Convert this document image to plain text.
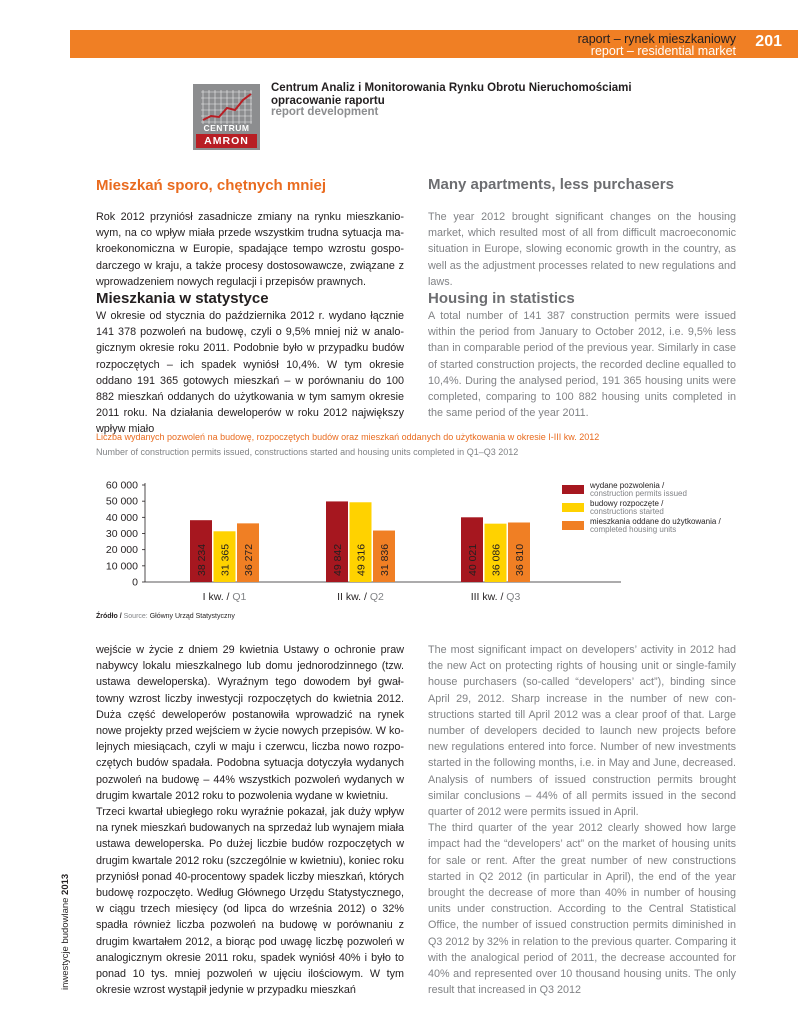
raport – rynek mieszkaniowy
report – residential market
201
CENTRUM
AMRON
Centrum Analiz i Monitorowania Rynku Obrotu Nieruchomościami
opracowanie raportu
report development
Mieszkań sporo, chętnych mniej	Many apartments, less purchasers

Rok 2012 przyniósł zasadnicze zmiany na rynku mieszkaniowym, na co wpływ miała przede wszystkim trudna sytuacja makroekonomiczna w Europie, spadające tempo wzrostu gospodarczego w kraju, a także procesy dostosowawcze, związane z wprowadzeniem nowych regulacji i przepisów prawnych.

The year 2012 brought significant changes on the housing market, which resulted most of all from difficult macroeconomic situation in Europe, slowing economic growth in the country, as well as the adjustment processes related to new regulations and laws.

Mieszkania w statystyce	Housing in statistics

W okresie od stycznia do października 2012 r. wydano łącznie 141 378 pozwoleń na budowę, czyli o 9,5% mniej niż w analogicznym okresie roku 2011. Podobnie było w przypadku budów rozpoczętych – ich spadek wyniósł 10,4%. W tym okresie oddano 191 365 gotowych mieszkań – w porównaniu do 100 882 mieszkań oddanych do użytkowania w tym samym okresie 2011 roku. Na działania deweloperów w roku 2012 największy wpływ miało

A total number of 141 387 construction permits were issued within the period from January to October 2012, i.e. 9,5% less than in comparable period of the previous year. Similarly in case of started construction projects, the recorded decline equalled to 10,4%. During the analysed period, 191 365 housing units were completed, comparing to 100 882 housing units completed in the same period of the year 2011.

Liczba wydanych pozwoleń na budowę, rozpoczętych budów oraz mieszkań oddanych do użytkowania w okresie I-III kw. 2012
Number of construction permits issued, constructions started and housing units completed in Q1–Q3 2012
60 000
50 000
40 000
30 000
20 000
10 000
0
38 234 31 365 36 272
I kw. / Q1
49 842 49 316 31 836
II kw. / Q2
40 021 36 086 36 810
III kw. / Q3
wydane pozwolenia /
construction permits issued
budowy rozpoczęte /
constructions started
mieszkania oddane do użytkowania /
completed housing units
Źródło / Source: Główny Urząd Statystyczny

wejście w życie z dniem 29 kwietnia Ustawy o ochronie praw nabywcy lokalu mieszkalnego lub domu jednorodzinnego (tzw. ustawa deweloperska). Wyraźnym tego dowodem był gwałtowny wzrost liczby inwestycji rozpoczętych do kwietnia 2012. Duża część deweloperów postanowiła wprowadzić na rynek nowe projekty przed wejściem w życie nowych przepisów. W kolejnych miesiącach, czyli w maju i czerwcu, liczba nowo rozpoczętych budów spadała. Podobna sytuacja dotyczyła wydanych pozwoleń na budowę – 44% wszystkich pozwoleń wydanych w drugim kwartale 2012 roku to pozwolenia wydane w kwietniu.

Trzeci kwartał ubiegłego roku wyraźnie pokazał, jak duży wpływ na rynek mieszkań budowanych na sprzedaż lub wynajem miała ustawa deweloperska. Po dużej liczbie budów rozpoczętych w drugim kwartale 2012 roku (szczególnie w kwietniu), koniec roku przyniósł ponad 40-procentowy spadek liczby mieszkań, których budowę rozpoczęto. Według Głównego Urzędu Statystycznego, w ciągu trzech miesięcy (od lipca do września 2012) o 32% spadła również liczba pozwoleń na budowę w porównaniu z drugim kwartałem 2012, a biorąc pod uwagę liczbę pozwoleń w analogicznym okresie 2011 roku, spadek wyniósł 40% i było to ponad 10 tys. mniej pozwoleń w ujęciu ilościowym. W tym okresie wzrost wystąpił jedynie w przypadku mieszkań

The most significant impact on developers’ activity in 2012 had the new Act on protecting rights of housing unit or single-family house purchasers (so-called “developers’ act”), binding since April 29, 2012. Sharp increase in the number of new constructions started till April 2012 was a clear proof of that. Large number of developers decided to launch new projects before new regulations entered into force. Number of new investments started in the following months, i.e. in May and June, decreased. Analysis of numbers of issued construction permits brought similar conclusions – 44% of all permits issued in the second quarter of 2012 were permits issued in April.

The third quarter of the year 2012 clearly showed how large impact had the “developers’ act” on the market of housing units for sale or rent. After the great number of new constructions started in Q2 2012 (in particular in April), the end of the year brought the decrease of more than 40% in number of housing units under construction. According to the Central Statistical Office, the number of issued construction permits diminished in Q3 2012 by 32% in relation to the previous quarter. Comparing it with the analogical period of 2011, the decrease accounted for 40% and represented over 10 thousand housing units. The only result that increased in Q3 2012

inwestycje budowlane 2013
